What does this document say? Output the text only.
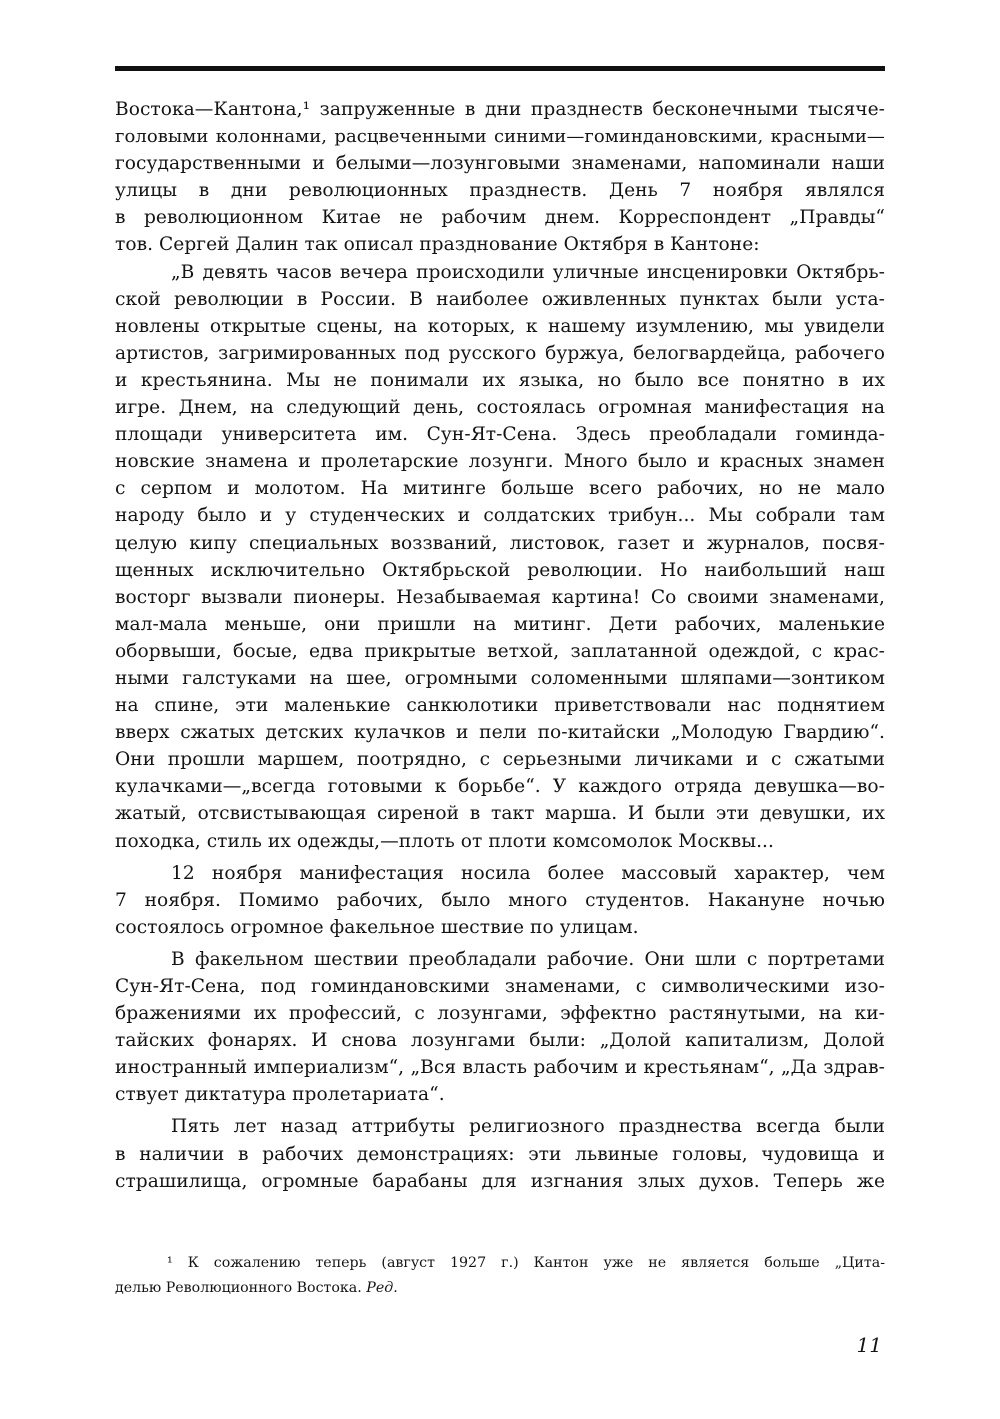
Востока—Кантона,¹ запруженные в дни празднеств бесконечными тысяче-
головыми колоннами, расцвеченными синими—гоминдановскими, красными—
государственными и белыми—лозунговыми знаменами, напоминали наши
улицы в дни революционных празднеств. День 7 ноября являлся
в революционном Китае не рабочим днем. Корреспондент „Правды“
тов. Сергей Далин так описал празднование Октября в Кантоне:
„В девять часов вечера происходили уличные инсценировки Октябрь-
ской революции в России. В наиболее оживленных пунктах были уста-
новлены открытые сцены, на которых, к нашему изумлению, мы увидели
артистов, загримированных под русского буржуа, белогвардейца, рабочего
и крестьянина. Мы не понимали их языка, но было все понятно в их
игре. Днем, на следующий день, состоялась огромная манифестация на
площади университета им. Сун-Ят-Сена. Здесь преобладали гоминда-
новские знамена и пролетарские лозунги. Много было и красных знамен
с серпом и молотом. На митинге больше всего рабочих, но не мало
народу было и у студенческих и солдатских трибун... Мы собрали там
целую кипу специальных воззваний, листовок, газет и журналов, посвя-
щенных исключительно Октябрьской революции. Но наибольший наш
восторг вызвали пионеры. Незабываемая картина! Со своими знаменами,
мал-мала меньше, они пришли на митинг. Дети рабочих, маленькие
оборвыши, босые, едва прикрытые ветхой, заплатанной одеждой, с крас-
ными галстуками на шее, огромными соломенными шляпами—зонтиком
на спине, эти маленькие санкюлотики приветствовали нас поднятием
вверх сжатых детских кулачков и пели по-китайски „Молодую Гвардию“.
Они прошли маршем, поотрядно, с серьезными личиками и с сжатыми
кулачками—„всегда готовыми к борьбе“. У каждого отряда девушка—во-
жатый, отсвистывающая сиреной в такт марша. И были эти девушки, их
походка, стиль их одежды,—плоть от плоти комсомолок Москвы...
12 ноября манифестация носила более массовый характер, чем
7 ноября. Помимо рабочих, было много студентов. Накануне ночью
состоялось огромное факельное шествие по улицам.
В факельном шествии преобладали рабочие. Они шли с портретами
Сун-Ят-Сена, под гоминдановскими знаменами, с символическими изо-
бражениями их профессий, с лозунгами, эффектно растянутыми, на ки-
тайских фонарях. И снова лозунгами были: „Долой капитализм, Долой
иностранный империализм“, „Вся власть рабочим и крестьянам“, „Да здрав-
ствует диктатура пролетариата“.
Пять лет назад аттрибуты религиозного празднества всегда были
в наличии в рабочих демонстрациях: эти львиные головы, чудовища и
страшилища, огромные барабаны для изгнания злых духов. Теперь же
¹ К сожалению теперь (август 1927 г.) Кантон уже не является больше „Цита-
делью Революционного Востока. Ред.
11
